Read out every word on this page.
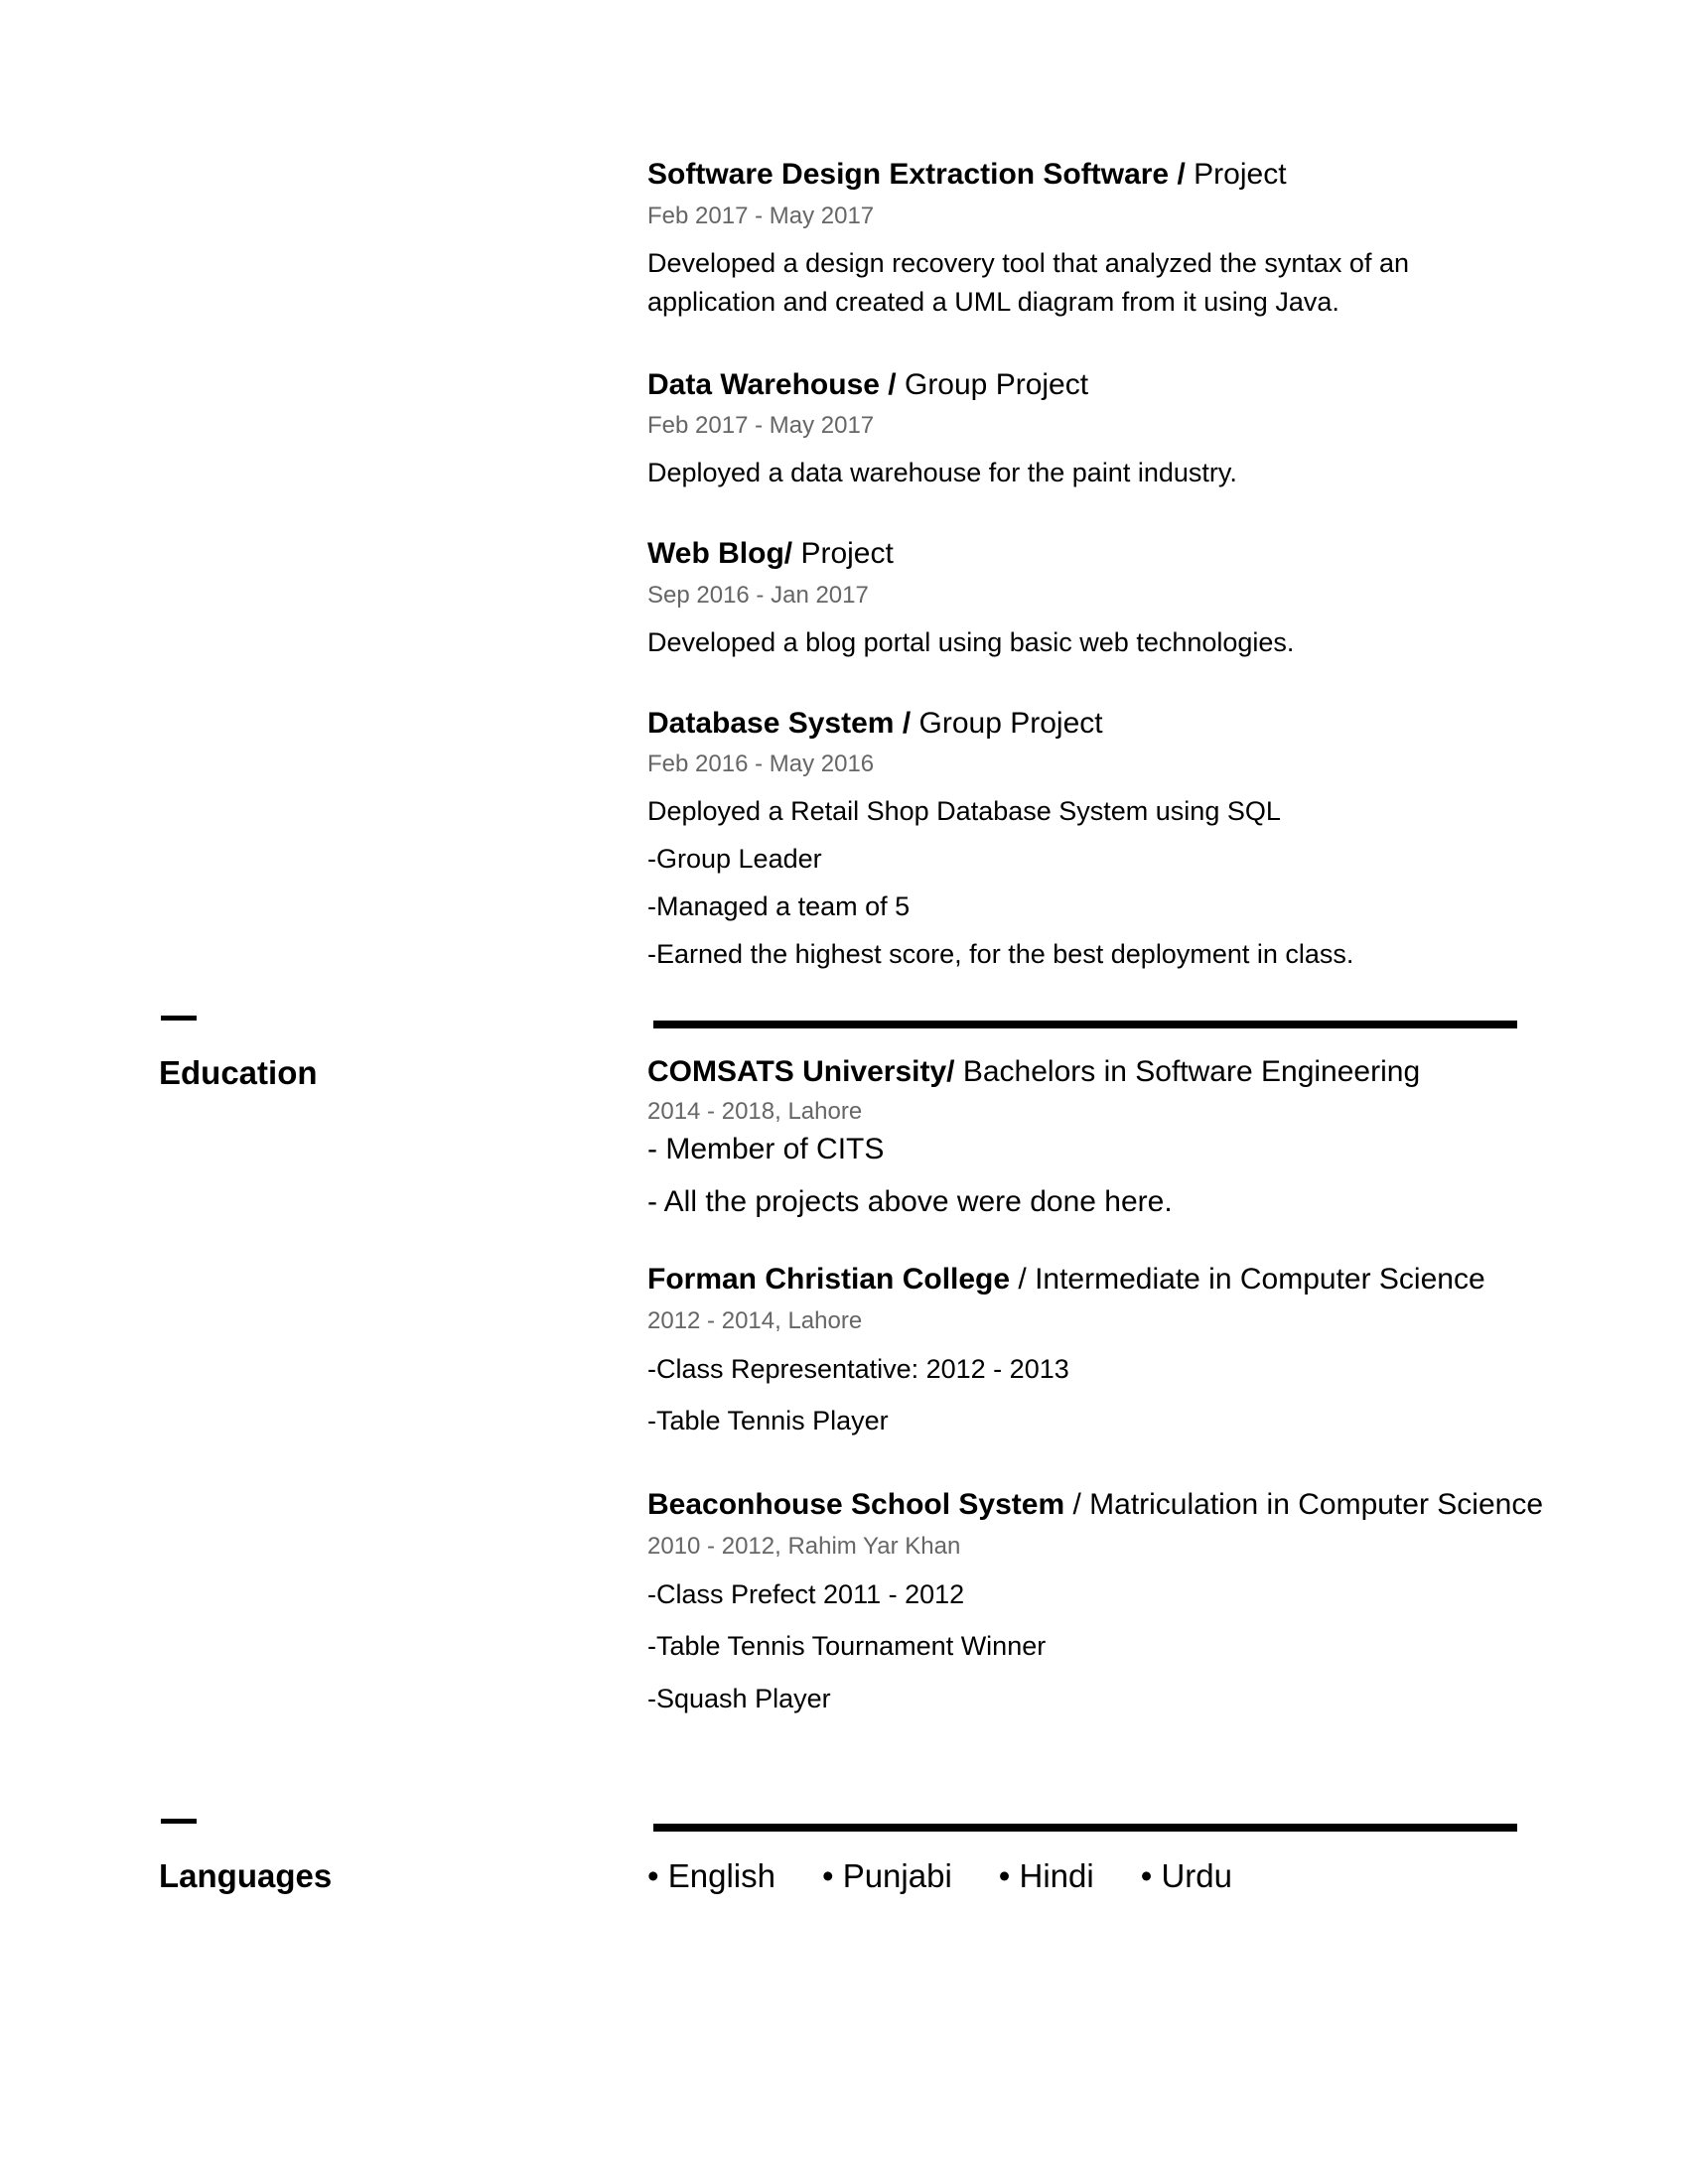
Software Design Extraction Software / Project
Feb 2017 - May 2017
Developed a design recovery tool that analyzed the syntax of an
application and created a UML diagram from it using Java.
Data Warehouse / Group Project
Feb 2017 - May 2017
Deployed a data warehouse for the paint industry.
Web Blog/ Project
Sep 2016 - Jan 2017
Developed a blog portal using basic web technologies.
Database System / Group Project
Feb 2016 - May 2016
Deployed a Retail Shop Database System using SQL
-Group Leader
-Managed a team of 5
-Earned the highest score, for the best deployment in class.
Education	COMSATS University/ Bachelors in Software Engineering
2014 - 2018, Lahore
- Member of CITS
- All the projects above were done here.
Forman Christian College / Intermediate in Computer Science
2012 - 2014, Lahore
-Class Representative: 2012 - 2013
-Table Tennis Player
Beaconhouse School System / Matriculation in Computer Science
2010 - 2012, Rahim Yar Khan
-Class Prefect 2011 - 2012
-Table Tennis Tournament Winner
-Squash Player
Languages	• English • Punjabi • Hindi • Urdu
